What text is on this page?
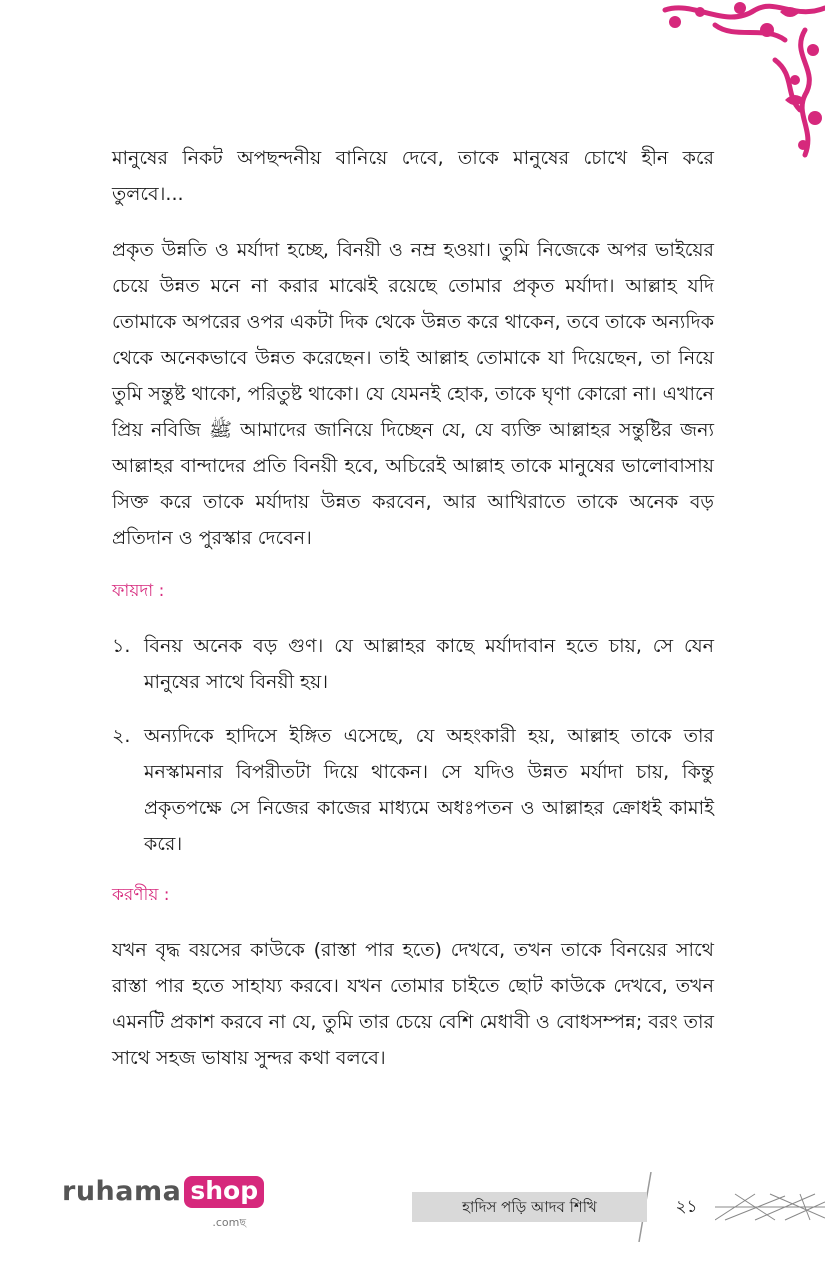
মানুষের নিকট অপছন্দনীয় বানিয়ে দেবে, তাকে মানুষের চোখে হীন করে তুলবে।...

প্রকৃত উন্নতি ও মর্যাদা হচ্ছে, বিনয়ী ও নম্র হওয়া। তুমি নিজেকে অপর ভাইয়ের চেয়ে উন্নত মনে না করার মাঝেই রয়েছে তোমার প্রকৃত মর্যাদা। আল্লাহ যদি তোমাকে অপরের ওপর একটা দিক থেকে উন্নত করে থাকেন, তবে তাকে অন্যদিক থেকে অনেকভাবে উন্নত করেছেন। তাই আল্লাহ তোমাকে যা দিয়েছেন, তা নিয়ে তুমি সন্তুষ্ট থাকো, পরিতুষ্ট থাকো। যে যেমনই হোক, তাকে ঘৃণা কোরো না। এখানে প্রিয় নবিজি ﷺ আমাদের জানিয়ে দিচ্ছেন যে, যে ব্যক্তি আল্লাহর সন্তুষ্টির জন্য আল্লাহর বান্দাদের প্রতি বিনয়ী হবে, অচিরেই আল্লাহ তাকে মানুষের ভালোবাসায় সিক্ত করে তাকে মর্যাদায় উন্নত করবেন, আর আখিরাতে তাকে অনেক বড় প্রতিদান ও পুরস্কার দেবেন।

ফায়দা :
১. বিনয় অনেক বড় গুণ। যে আল্লাহর কাছে মর্যাদাবান হতে চায়, সে যেন মানুষের সাথে বিনয়ী হয়।
২. অন্যদিকে হাদিসে ইঙ্গিত এসেছে, যে অহংকারী হয়, আল্লাহ তাকে তার মনস্কামনার বিপরীতটা দিয়ে থাকেন। সে যদিও উন্নত মর্যাদা চায়, কিন্তু প্রকৃতপক্ষে সে নিজের কাজের মাধ্যমে অধঃপতন ও আল্লাহর ক্রোধই কামাই করে।
করণীয় :

যখন বৃদ্ধ বয়সের কাউকে (রাস্তা পার হতে) দেখবে, তখন তাকে বিনয়ের সাথে রাস্তা পার হতে সাহায্য করবে। যখন তোমার চাইতে ছোট কাউকে দেখবে, তখন এমনটি প্রকাশ করবে না যে, তুমি তার চেয়ে বেশি মেধাবী ও বোধসম্পন্ন; বরং তার সাথে সহজ ভাষায় সুন্দর কথা বলবে।

ruhama shop
.comছ
হাদিস পড়ি আদব শিখি	২১
